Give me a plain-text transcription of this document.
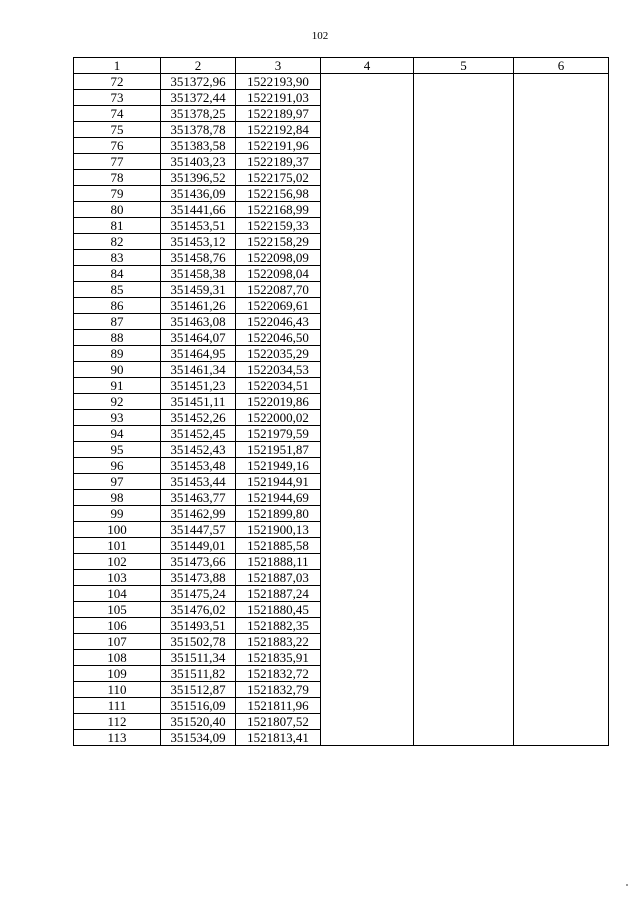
102
1	2	3	4	5	6
72	351372,96	1522193,90			
73	351372,44	1522191,03			
74	351378,25	1522189,97			
75	351378,78	1522192,84			
76	351383,58	1522191,96			
77	351403,23	1522189,37			
78	351396,52	1522175,02			
79	351436,09	1522156,98			
80	351441,66	1522168,99			
81	351453,51	1522159,33			
82	351453,12	1522158,29			
83	351458,76	1522098,09			
84	351458,38	1522098,04			
85	351459,31	1522087,70			
86	351461,26	1522069,61			
87	351463,08	1522046,43			
88	351464,07	1522046,50			
89	351464,95	1522035,29			
90	351461,34	1522034,53			
91	351451,23	1522034,51			
92	351451,11	1522019,86			
93	351452,26	1522000,02			
94	351452,45	1521979,59			
95	351452,43	1521951,87			
96	351453,48	1521949,16			
97	351453,44	1521944,91			
98	351463,77	1521944,69			
99	351462,99	1521899,80			
100	351447,57	1521900,13			
101	351449,01	1521885,58			
102	351473,66	1521888,11			
103	351473,88	1521887,03			
104	351475,24	1521887,24			
105	351476,02	1521880,45			
106	351493,51	1521882,35			
107	351502,78	1521883,22			
108	351511,34	1521835,91			
109	351511,82	1521832,72			
110	351512,87	1521832,79			
111	351516,09	1521811,96			
112	351520,40	1521807,52			
113	351534,09	1521813,41			
